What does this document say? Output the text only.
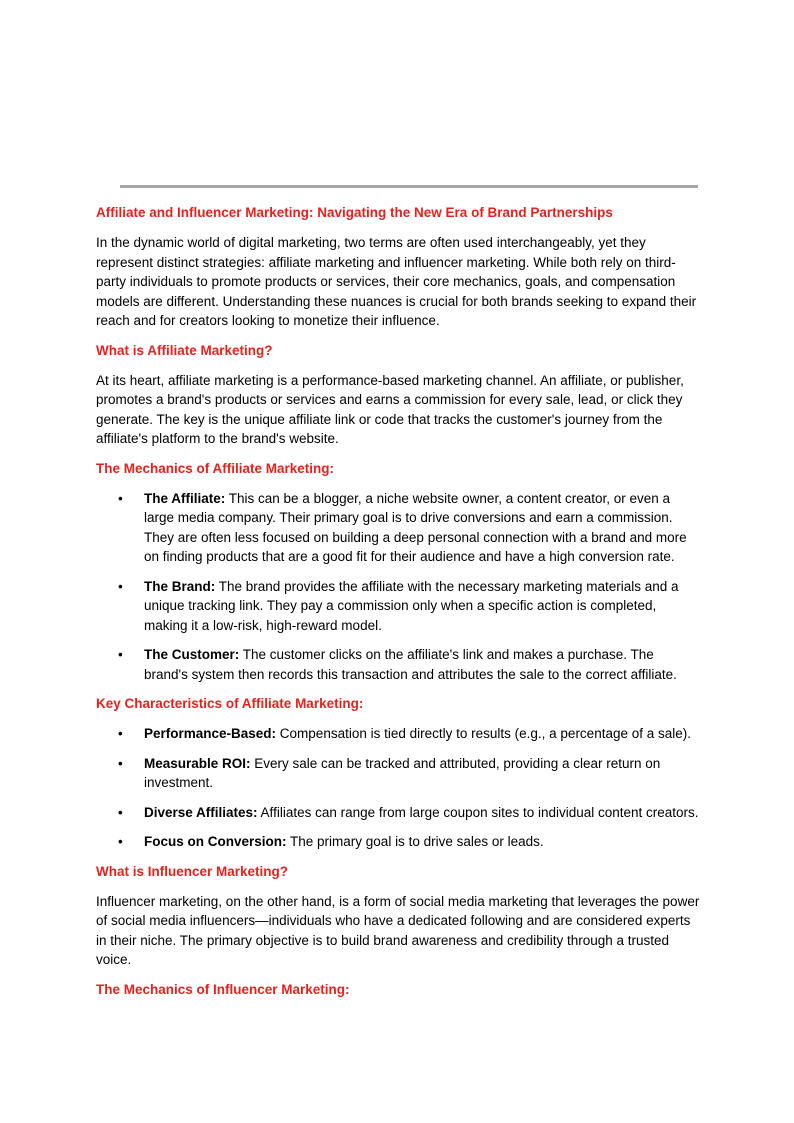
Affiliate and Influencer Marketing: Navigating the New Era of Brand Partnerships

In the dynamic world of digital marketing, two terms are often used interchangeably, yet they represent distinct strategies: affiliate marketing and influencer marketing. While both rely on third-party individuals to promote products or services, their core mechanics, goals, and compensation models are different. Understanding these nuances is crucial for both brands seeking to expand their reach and for creators looking to monetize their influence.

What is Affiliate Marketing?

At its heart, affiliate marketing is a performance-based marketing channel. An affiliate, or publisher, promotes a brand's products or services and earns a commission for every sale, lead, or click they generate. The key is the unique affiliate link or code that tracks the customer's journey from the affiliate's platform to the brand's website.

The Mechanics of Affiliate Marketing:
• The Affiliate: This can be a blogger, a niche website owner, a content creator, or even a large media company. Their primary goal is to drive conversions and earn a commission. They are often less focused on building a deep personal connection with a brand and more on finding products that are a good fit for their audience and have a high conversion rate.
• The Brand: The brand provides the affiliate with the necessary marketing materials and a unique tracking link. They pay a commission only when a specific action is completed, making it a low-risk, high-reward model.
• The Customer: The customer clicks on the affiliate's link and makes a purchase. The brand's system then records this transaction and attributes the sale to the correct affiliate.
Key Characteristics of Affiliate Marketing:
• Performance-Based: Compensation is tied directly to results (e.g., a percentage of a sale).
• Measurable ROI: Every sale can be tracked and attributed, providing a clear return on investment.
• Diverse Affiliates: Affiliates can range from large coupon sites to individual content creators.
• Focus on Conversion: The primary goal is to drive sales or leads.
What is Influencer Marketing?

Influencer marketing, on the other hand, is a form of social media marketing that leverages the power of social media influencers—individuals who have a dedicated following and are considered experts in their niche. The primary objective is to build brand awareness and credibility through a trusted voice.

The Mechanics of Influencer Marketing:
